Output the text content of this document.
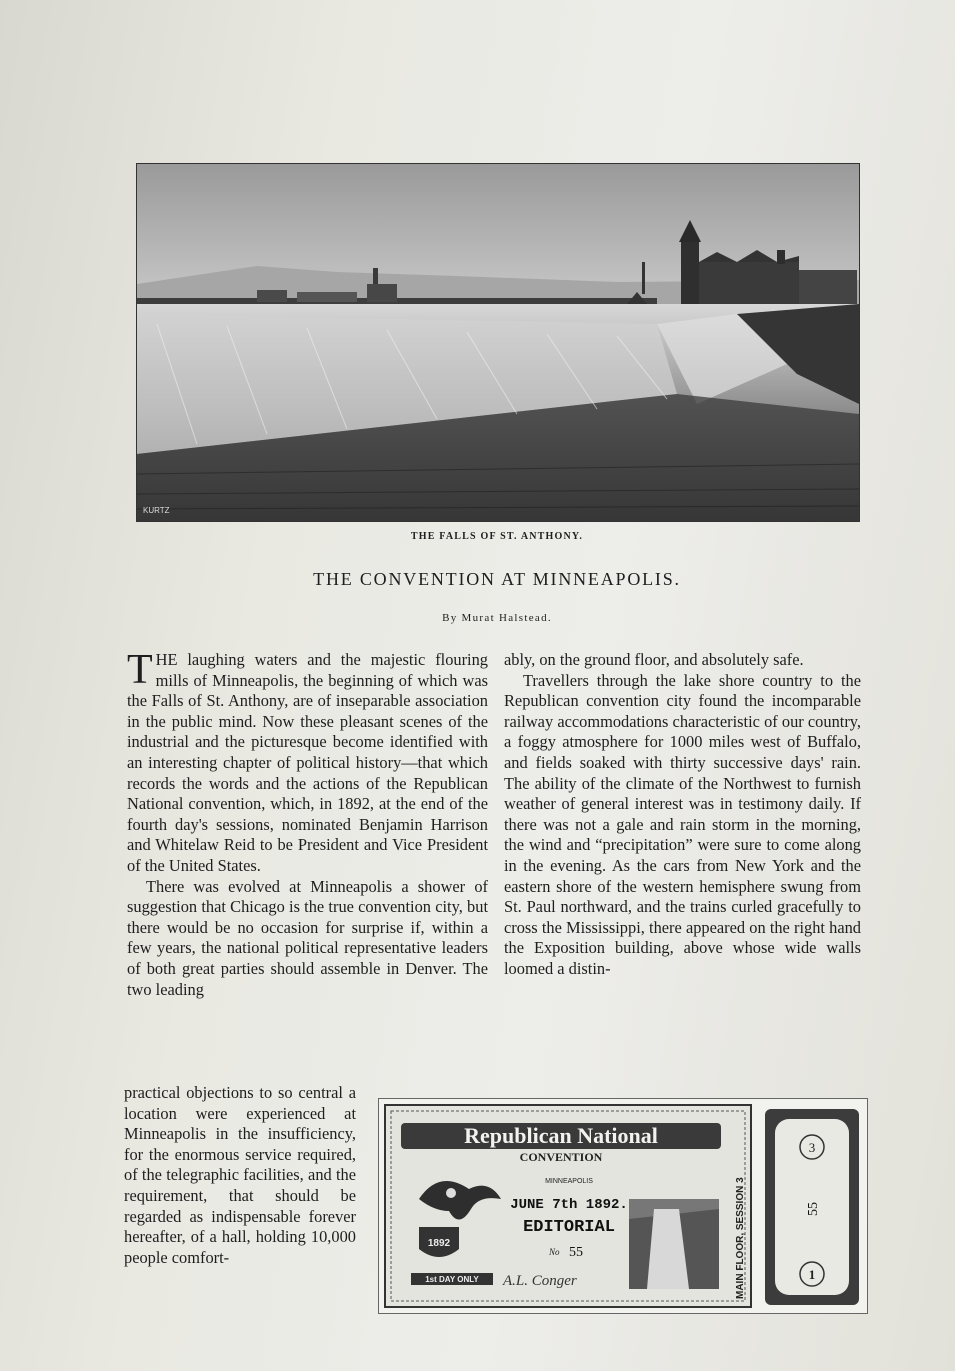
KURTZ
THE FALLS OF ST. ANTHONY.
THE CONVENTION AT MINNEAPOLIS.
By Murat Halstead.

THE laughing waters and the majestic flouring mills of Minneapolis, the beginning of which was the Falls of St. Anthony, are of inseparable association in the public mind. Now these pleasant scenes of the industrial and the picturesque become identified with an interesting chapter of political history—that which records the words and the actions of the Republican National convention, which, in 1892, at the end of the fourth day's sessions, nominated Benjamin Harrison and Whitelaw Reid to be President and Vice President of the United States.

There was evolved at Minneapolis a shower of suggestion that Chicago is the true convention city, but there would be no occasion for surprise if, within a few years, the national political representative leaders of both great parties should assemble in Denver. The two leading

practical objections to so central a location were experienced at Minneapolis in the insufficiency, for the enormous service required, of the telegraphic facilities, and the requirement, that should be regarded as indispensable forever hereafter, of a hall, holding 10,000 people comfort-

ably, on the ground floor, and absolutely safe.

Travellers through the lake shore country to the Republican convention city found the incomparable railway accommodations characteristic of our country, a foggy atmosphere for 1000 miles west of Buffalo, and fields soaked with thirty successive days' rain. The ability of the climate of the Northwest to furnish weather of general interest was in testimony daily. If there was not a gale and rain storm in the morning, the wind and “precipitation” were sure to come along in the evening. As the cars from New York and the eastern shore of the western hemisphere swung from St. Paul northward, and the trains curled gracefully to cross the Mississippi, there appeared on the right hand the Exposition building, above whose wide walls loomed a distin-

Republican National
CONVENTION
MINNEAPOLIS
1892
JUNE 7th 1892.
EDITORIAL
No 55
1st DAY ONLY A.L. Conger	MAIN FLOOR, SESSION 3
3
55
1
